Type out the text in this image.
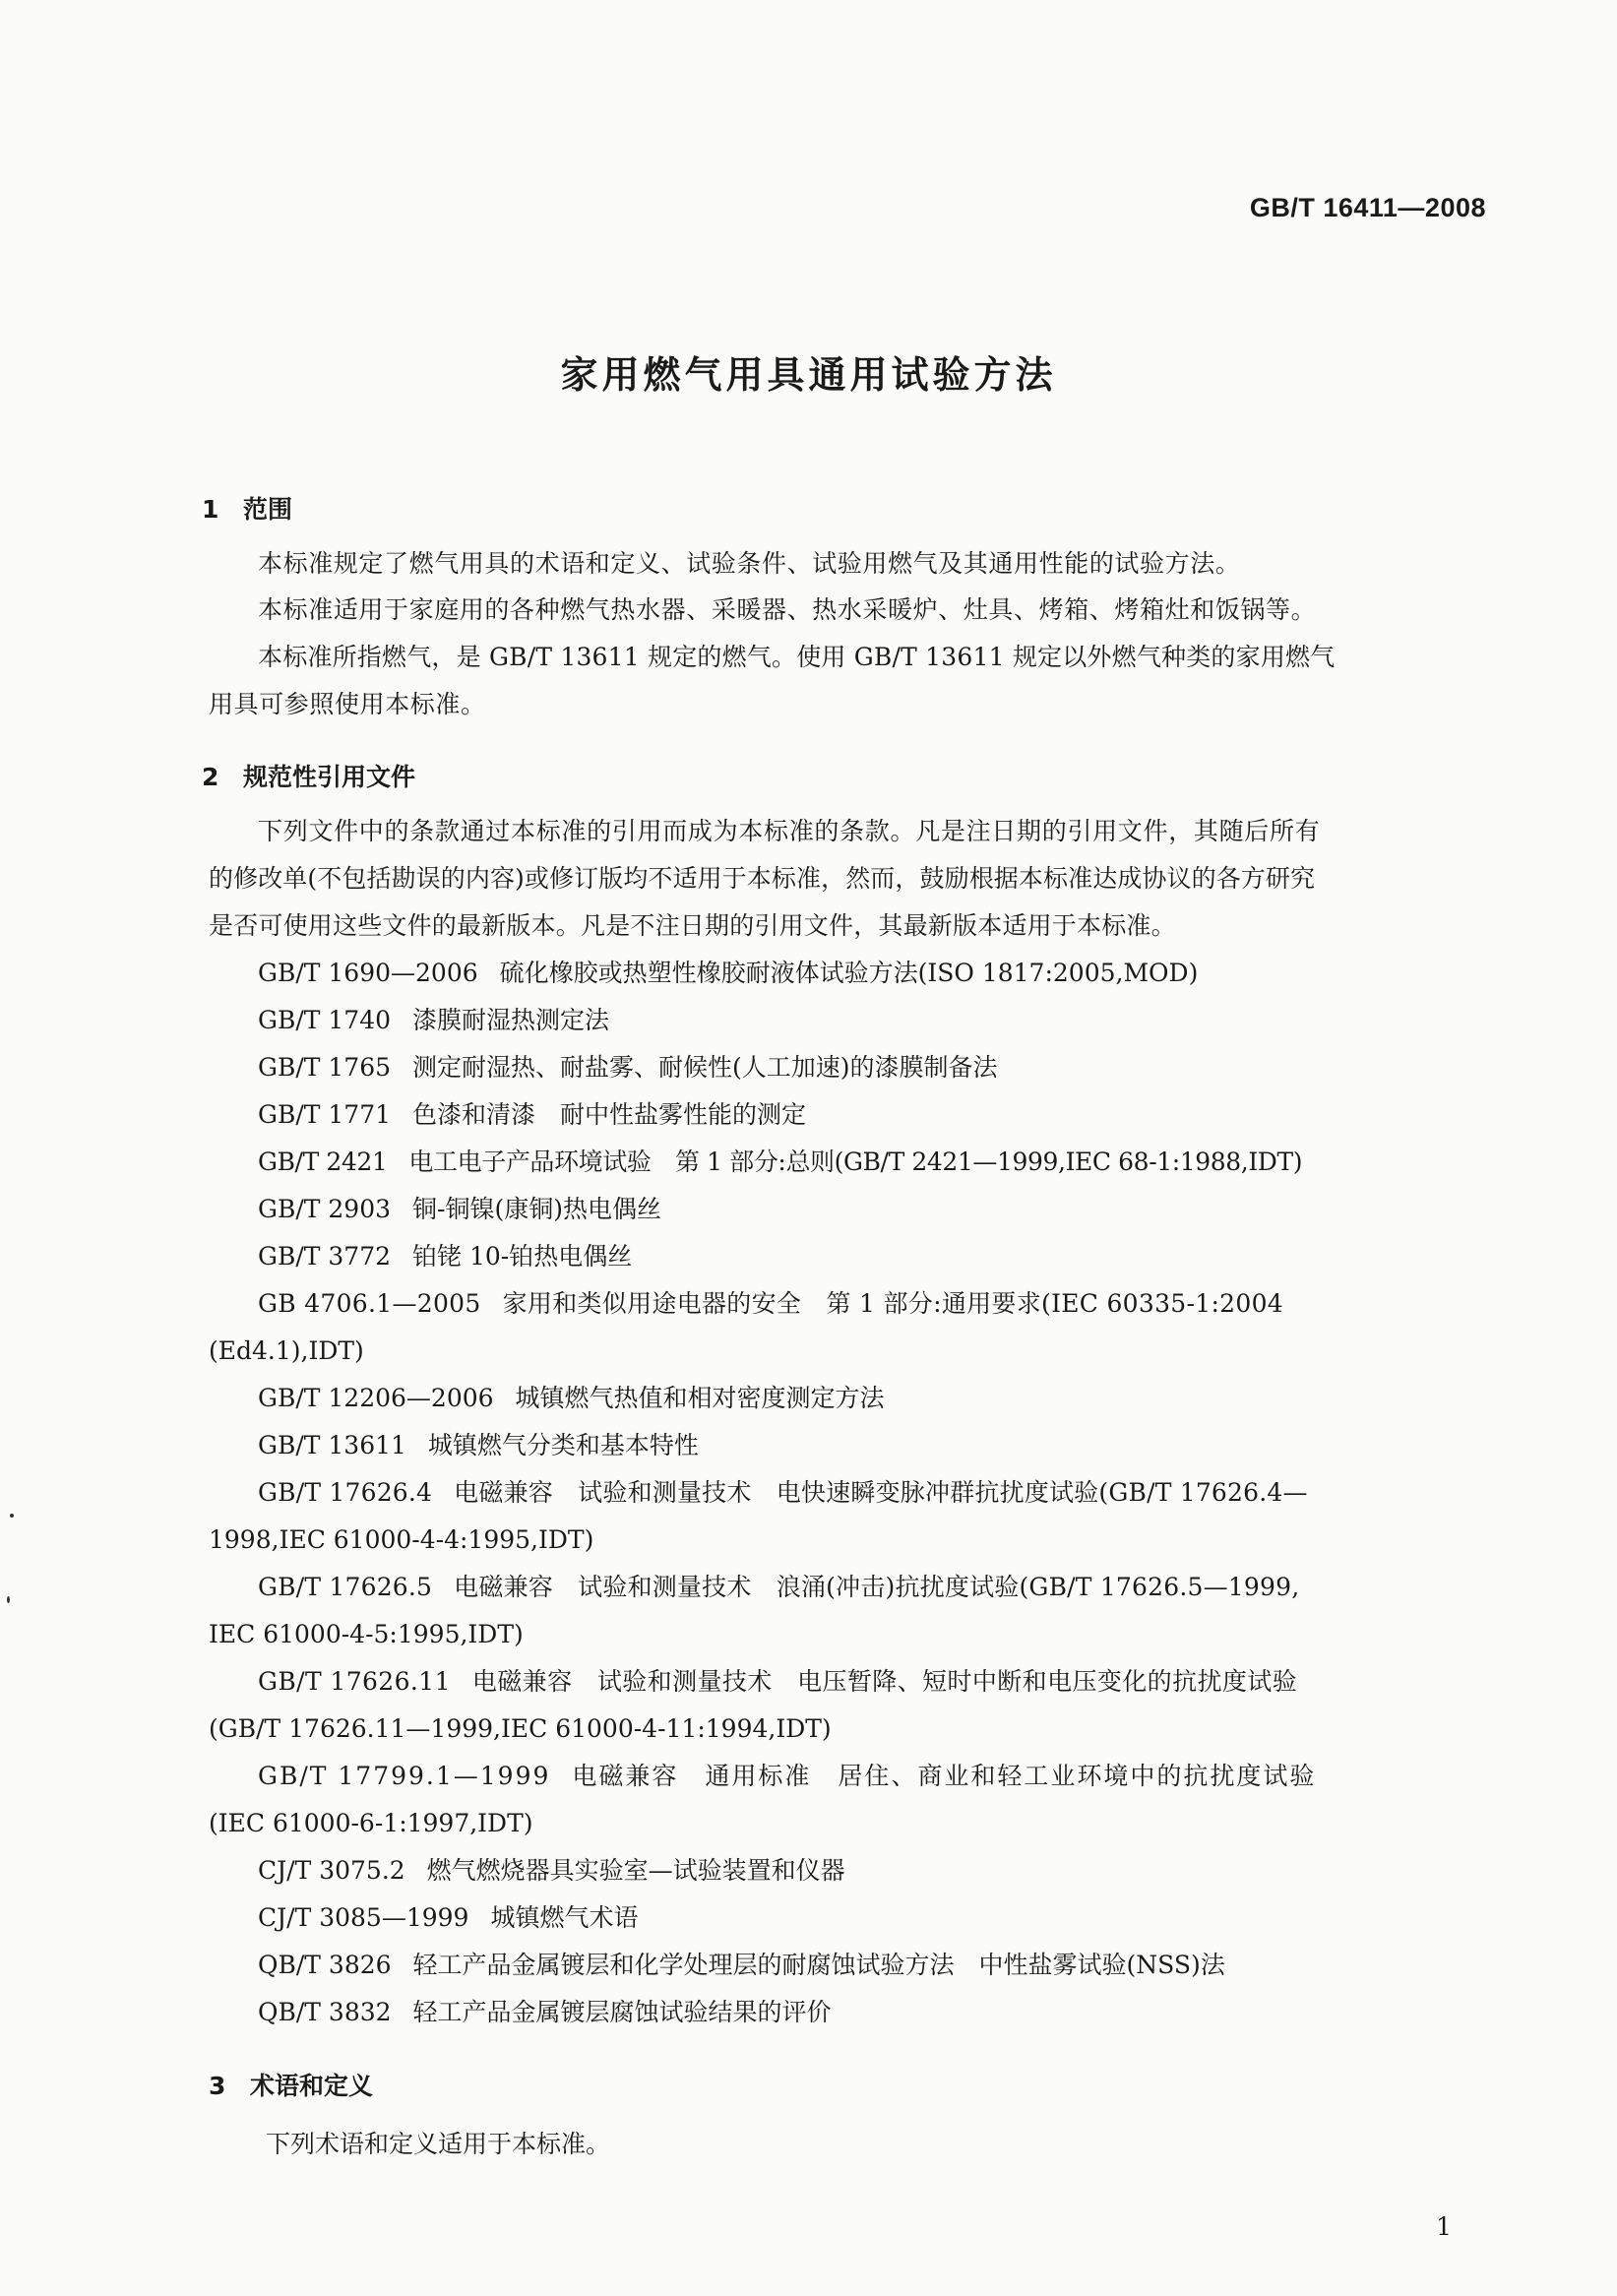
GB/T 16411—2008
家用燃气用具通用试验方法
1 范围
本标准规定了燃气用具的术语和定义、试验条件、试验用燃气及其通用性能的试验方法。
本标准适用于家庭用的各种燃气热水器、采暖器、热水采暖炉、灶具、烤箱、烤箱灶和饭锅等。
本标准所指燃气，是 GB/T 13611 规定的燃气。使用 GB/T 13611 规定以外燃气种类的家用燃气
用具可参照使用本标准。
2 规范性引用文件
下列文件中的条款通过本标准的引用而成为本标准的条款。凡是注日期的引用文件，其随后所有
的修改单(不包括勘误的内容)或修订版均不适用于本标准，然而，鼓励根据本标准达成协议的各方研究
是否可使用这些文件的最新版本。凡是不注日期的引用文件，其最新版本适用于本标准。
GB/T 1690—2006 硫化橡胶或热塑性橡胶耐液体试验方法(ISO 1817:2005,MOD)
GB/T 1740 漆膜耐湿热测定法
GB/T 1765 测定耐湿热、耐盐雾、耐候性(人工加速)的漆膜制备法
GB/T 1771 色漆和清漆　耐中性盐雾性能的测定
GB/T 2421 电工电子产品环境试验　第 1 部分:总则(GB/T 2421—1999,IEC 68-1:1988,IDT)
GB/T 2903 铜-铜镍(康铜)热电偶丝
GB/T 3772 铂铑 10-铂热电偶丝
GB 4706.1—2005 家用和类似用途电器的安全　第 1 部分:通用要求(IEC 60335-1:2004
(Ed4.1),IDT)
GB/T 12206—2006 城镇燃气热值和相对密度测定方法
GB/T 13611 城镇燃气分类和基本特性
GB/T 17626.4 电磁兼容　试验和测量技术　电快速瞬变脉冲群抗扰度试验(GB/T 17626.4—
1998,IEC 61000-4-4:1995,IDT)
GB/T 17626.5 电磁兼容　试验和测量技术　浪涌(冲击)抗扰度试验(GB/T 17626.5—1999,
IEC 61000-4-5:1995,IDT)
GB/T 17626.11 电磁兼容　试验和测量技术　电压暂降、短时中断和电压变化的抗扰度试验
(GB/T 17626.11—1999,IEC 61000-4-11:1994,IDT)
GB/T 17799.1—1999 电磁兼容　通用标准　居住、商业和轻工业环境中的抗扰度试验
(IEC 61000-6-1:1997,IDT)
CJ/T 3075.2 燃气燃烧器具实验室—试验装置和仪器
CJ/T 3085—1999 城镇燃气术语
QB/T 3826 轻工产品金属镀层和化学处理层的耐腐蚀试验方法　中性盐雾试验(NSS)法
QB/T 3832 轻工产品金属镀层腐蚀试验结果的评价
3 术语和定义
下列术语和定义适用于本标准。
1
